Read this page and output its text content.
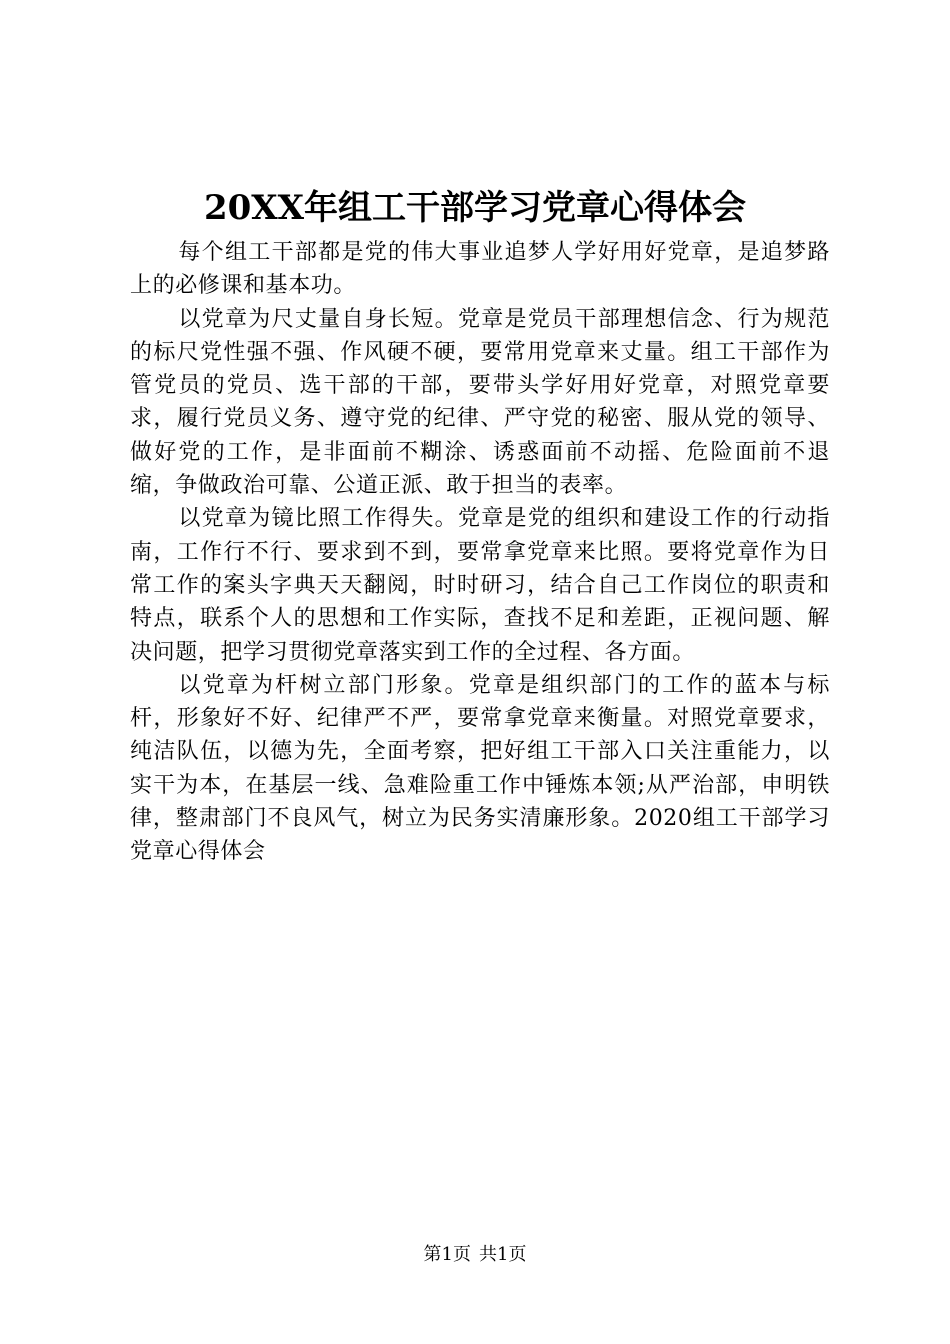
20XX年组工干部学习党章心得体会

每个组工干部都是党的伟大事业追梦人学好用好党章，是追梦路上的必修课和基本功。

以党章为尺丈量自身长短。党章是党员干部理想信念、行为规范的标尺党性强不强、作风硬不硬，要常用党章来丈量。组工干部作为管党员的党员、选干部的干部，要带头学好用好党章，对照党章要求，履行党员义务、遵守党的纪律、严守党的秘密、服从党的领导、做好党的工作，是非面前不糊涂、诱惑面前不动摇、危险面前不退缩，争做政治可靠、公道正派、敢于担当的表率。

以党章为镜比照工作得失。党章是党的组织和建设工作的行动指南，工作行不行、要求到不到，要常拿党章来比照。要将党章作为日常工作的案头字典天天翻阅，时时研习，结合自己工作岗位的职责和特点，联系个人的思想和工作实际，查找不足和差距，正视问题、解决问题，把学习贯彻党章落实到工作的全过程、各方面。

以党章为杆树立部门形象。党章是组织部门的工作的蓝本与标杆，形象好不好、纪律严不严，要常拿党章来衡量。对照党章要求，纯洁队伍，以德为先，全面考察，把好组工干部入口关注重能力，以实干为本，在基层一线、急难险重工作中锤炼本领;从严治部，申明铁律，整肃部门不良风气，树立为民务实清廉形象。2020组工干部学习党章心得体会

第1页 共1页
